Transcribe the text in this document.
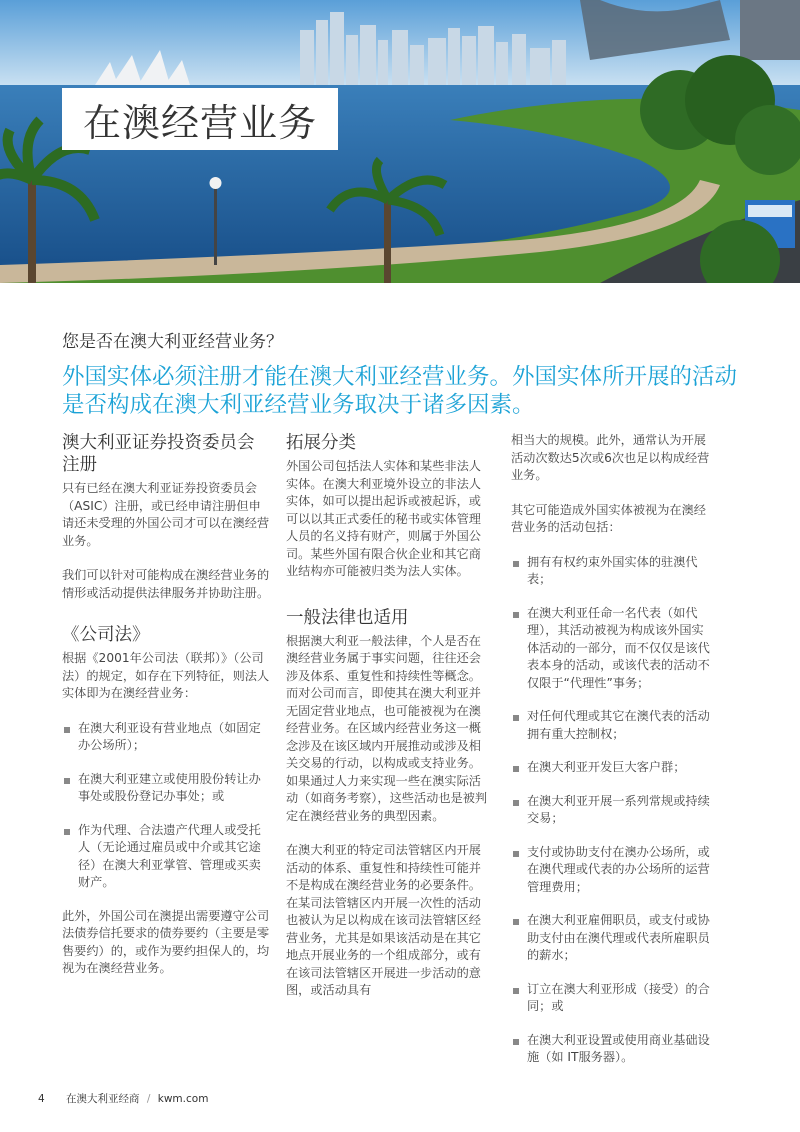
在澳经营业务
您是否在澳大利亚经营业务？
外国实体必须注册才能在澳大利亚经营业务。外国实体所开展的活动是否构成在澳大利亚经营业务取决于诸多因素。
澳大利亚证券投资委员会注册

只有已经在澳大利亚证券投资委员会（ASIC）注册，或已经申请注册但申请还未受理的外国公司才可以在澳经营业务。

我们可以针对可能构成在澳经营业务的情形或活动提供法律服务并协助注册。

《公司法》

根据《2001年公司法（联邦）》（公司法）的规定，如存在下列特征，则法人实体即为在澳经营业务：

在澳大利亚设有营业地点（如固定办公场所）；
在澳大利亚建立或使用股份转让办事处或股份登记办事处；或
作为代理、合法遗产代理人或受托人（无论通过雇员或中介或其它途径）在澳大利亚掌管、管理或买卖财产。

此外，外国公司在澳提出需要遵守公司法债券信托要求的债券要约（主要是零售要约）的，或作为要约担保人的，均视为在澳经营业务。

拓展分类

外国公司包括法人实体和某些非法人实体。在澳大利亚境外设立的非法人实体，如可以提出起诉或被起诉，或可以以其正式委任的秘书或实体管理人员的名义持有财产，则属于外国公司。某些外国有限合伙企业和其它商业结构亦可能被归类为法人实体。

一般法律也适用

根据澳大利亚一般法律，个人是否在澳经营业务属于事实问题，往往还会涉及体系、重复性和持续性等概念。 而对公司而言，即使其在澳大利亚并无固定营业地点，也可能被视为在澳经营业务。在区域内经营业务这一概念涉及在该区域内开展推动或涉及相关交易的行动，以构成或支持业务。如果通过人力来实现一些在澳实际活动（如商务考察），这些活动也是被判定在澳经营业务的典型因素。

在澳大利亚的特定司法管辖区内开展活动的体系、重复性和持续性可能并不是构成在澳经营业务的必要条件。在某司法管辖区内开展一次性的活动也被认为足以构成在该司法管辖区经营业务，尤其是如果该活动是在其它地点开展业务的一个组成部分，或有在该司法管辖区开展进一步活动的意图，或活动具有

相当大的规模。此外，通常认为开展活动次数达5次或6次也足以构成经营业务。

其它可能造成外国实体被视为在澳经营业务的活动包括：

拥有有权约束外国实体的驻澳代表；
在澳大利亚任命一名代表（如代理），其活动被视为构成该外国实体活动的一部分，而不仅仅是该代表本身的活动，或该代表的活动不仅限于“代理性”事务；
对任何代理或其它在澳代表的活动拥有重大控制权；
在澳大利亚开发巨大客户群；
在澳大利亚开展一系列常规或持续交易；
支付或协助支付在澳办公场所，或在澳代理或代表的办公场所的运营管理费用；
在澳大利亚雇佣职员，或支付或协助支付由在澳代理或代表所雇职员的薪水；
订立在澳大利亚形成（接受）的合同；或
在澳大利亚设置或使用商业基础设施（如 IT服务器）。
4 在澳大利亚经商 / kwm.com
